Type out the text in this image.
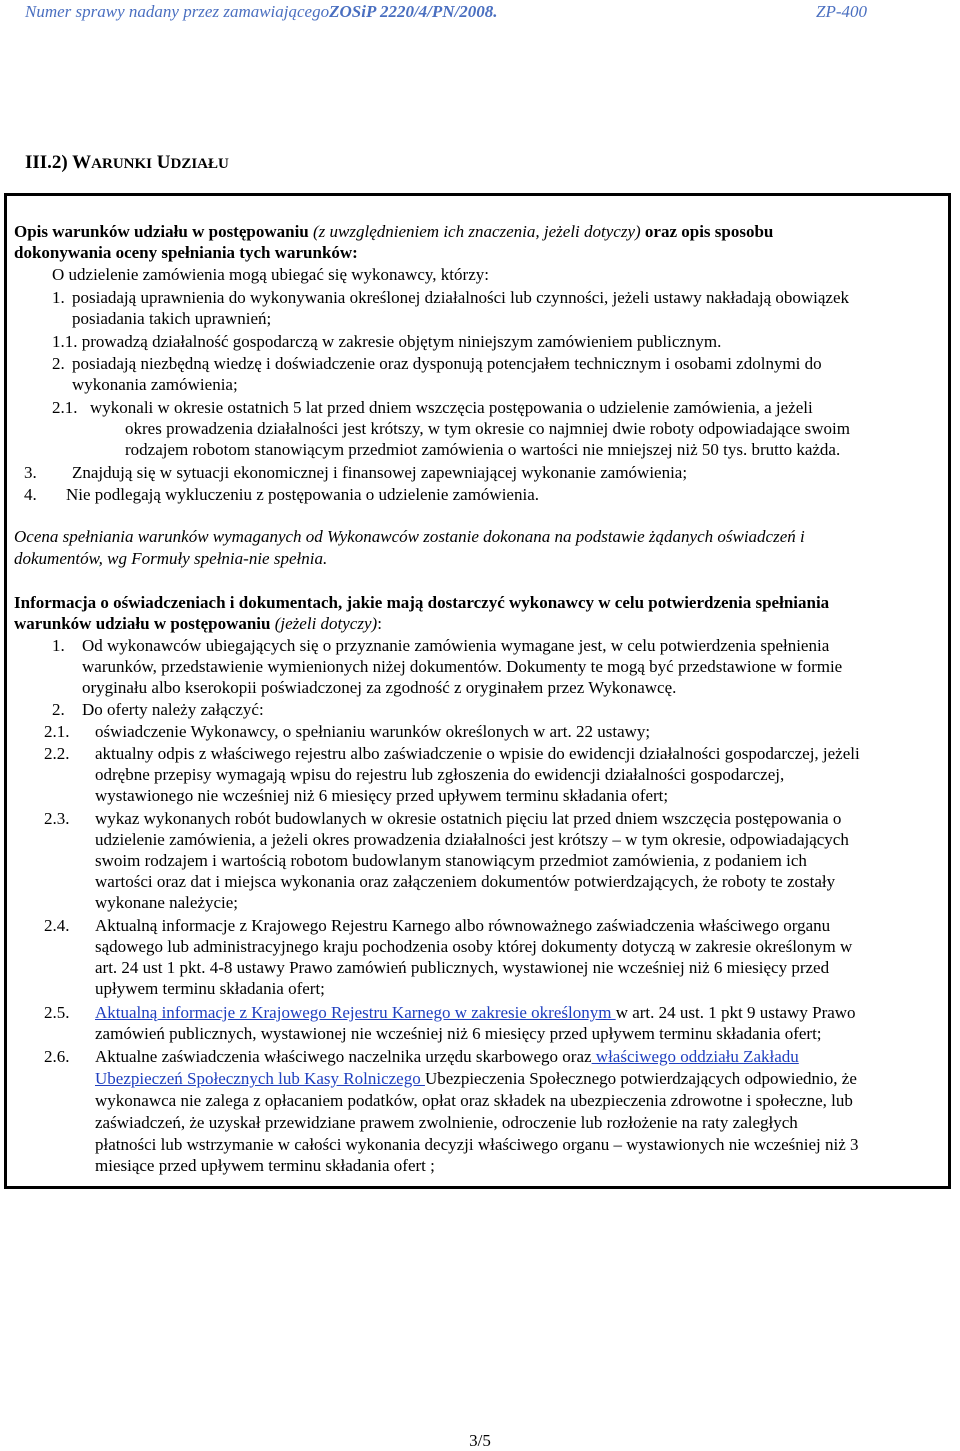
Numer sprawy nadany przez zamawiającegoZOSiP 2220/4/PN/2008.	ZP-400
III.2) WARUNKI UDZIAŁU
Opis warunków udziału w postępowaniu (z uwzględnieniem ich znaczenia, jeżeli dotyczy) oraz opis sposobu
dokonywania oceny spełniania tych warunków:
O udzielenie zamówienia mogą ubiegać się wykonawcy, którzy:
1. posiadają uprawnienia do wykonywania określonej działalności lub czynności, jeżeli ustawy nakładają obowiązek
posiadania takich uprawnień;
1.1. prowadzą działalność gospodarczą w zakresie objętym niniejszym zamówieniem publicznym.
2. posiadają niezbędną wiedzę i doświadczenie oraz dysponują potencjałem technicznym i osobami zdolnymi do
wykonania zamówienia;
2.1. wykonali w okresie ostatnich 5 lat przed dniem wszczęcia postępowania o udzielenie zamówienia, a jeżeli
okres prowadzenia działalności jest krótszy, w tym okresie co najmniej dwie roboty odpowiadające swoim
rodzajem robotom stanowiącym przedmiot zamówienia o wartości nie mniejszej niż 50 tys. brutto każda.
3. Znajdują się w sytuacji ekonomicznej i finansowej zapewniającej wykonanie zamówienia;
4. Nie podlegają wykluczeniu z postępowania o udzielenie zamówienia.
Ocena spełniania warunków wymaganych od Wykonawców zostanie dokonana na podstawie żądanych oświadczeń i
dokumentów, wg Formuły spełnia-nie spełnia.
Informacja o oświadczeniach i dokumentach, jakie mają dostarczyć wykonawcy w celu potwierdzenia spełniania
warunków udziału w postępowaniu (jeżeli dotyczy):
1. Od wykonawców ubiegających się o przyznanie zamówienia wymagane jest, w celu potwierdzenia spełnienia
warunków, przedstawienie wymienionych niżej dokumentów. Dokumenty te mogą być przedstawione w formie
oryginału albo kserokopii poświadczonej za zgodność z oryginałem przez Wykonawcę.
2. Do oferty należy załączyć:
2.1. oświadczenie Wykonawcy, o spełnianiu warunków określonych w art. 22 ustawy;
2.2. aktualny odpis z właściwego rejestru albo zaświadczenie o wpisie do ewidencji działalności gospodarczej, jeżeli
odrębne przepisy wymagają wpisu do rejestru lub zgłoszenia do ewidencji działalności gospodarczej,
wystawionego nie wcześniej niż 6 miesięcy przed upływem terminu składania ofert;
2.3. wykaz wykonanych robót budowlanych w okresie ostatnich pięciu lat przed dniem wszczęcia postępowania o
udzielenie zamówienia, a jeżeli okres prowadzenia działalności jest krótszy – w tym okresie, odpowiadających
swoim rodzajem i wartością robotom budowlanym stanowiącym przedmiot zamówienia, z podaniem ich
wartości oraz dat i miejsca wykonania oraz załączeniem dokumentów potwierdzających, że roboty te zostały
wykonane należycie;
2.4. Aktualną informacje z Krajowego Rejestru Karnego albo równoważnego zaświadczenia właściwego organu
sądowego lub administracyjnego kraju pochodzenia osoby której dokumenty dotyczą w zakresie określonym w
art. 24 ust 1 pkt. 4-8 ustawy Prawo zamówień publicznych, wystawionej nie wcześniej niż 6 miesięcy przed
upływem terminu składania ofert;
2.5. Aktualną informacje z Krajowego Rejestru Karnego w zakresie określonym w art. 24 ust. 1 pkt 9 ustawy Prawo
zamówień publicznych, wystawionej nie wcześniej niż 6 miesięcy przed upływem terminu składania ofert;
2.6. Aktualne zaświadczenia właściwego naczelnika urzędu skarbowego oraz właściwego oddziału Zakładu
Ubezpieczeń Społecznych lub Kasy Rolniczego Ubezpieczenia Społecznego potwierdzających odpowiednio, że
wykonawca nie zalega z opłacaniem podatków, opłat oraz składek na ubezpieczenia zdrowotne i społeczne, lub
zaświadczeń, że uzyskał przewidziane prawem zwolnienie, odroczenie lub rozłożenie na raty zaległych
płatności lub wstrzymanie w całości wykonania decyzji właściwego organu – wystawionych nie wcześniej niż 3
miesiące przed upływem terminu składania ofert ;
3/5
